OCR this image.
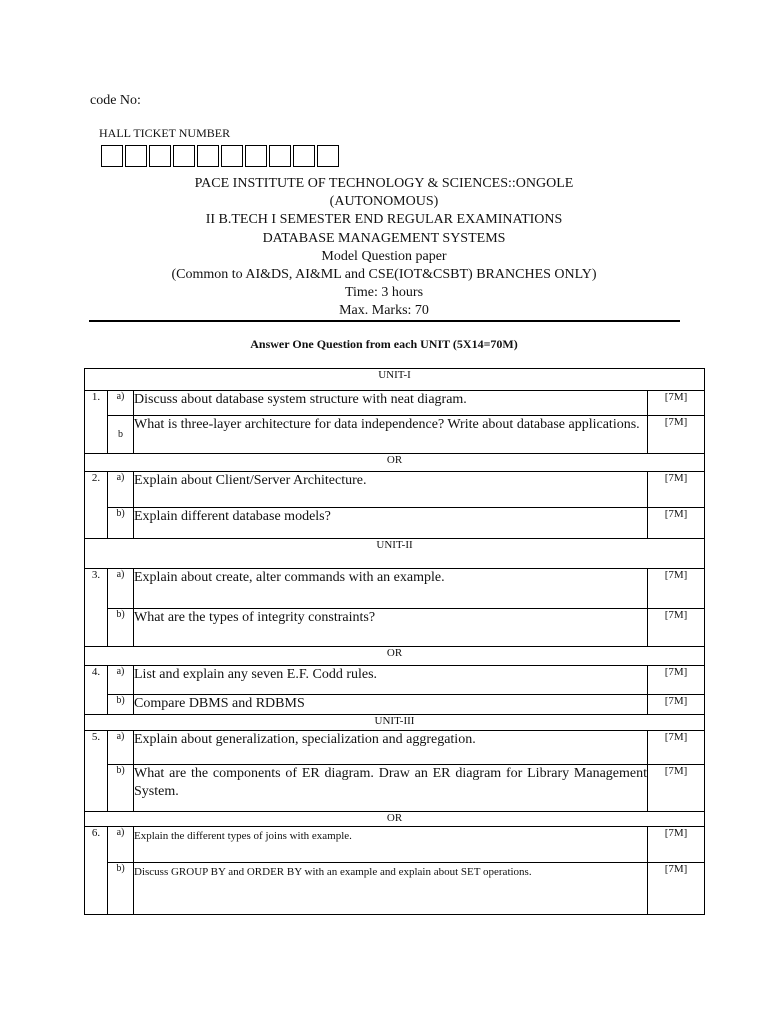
code No:
HALL TICKET NUMBER
PACE INSTITUTE OF TECHNOLOGY & SCIENCES::ONGOLE
(AUTONOMOUS)
II B.TECH I SEMESTER END REGULAR EXAMINATIONS
DATABASE MANAGEMENT SYSTEMS
Model Question paper
(Common to AI&DS, AI&ML and CSE(IOT&CSBT) BRANCHES ONLY)
Time: 3 hours
Max. Marks: 70
Answer One Question from each UNIT (5X14=70M)
UNIT-I			
1.	a)	Discuss about database system structure with neat diagram.	[7M]
	b	What is three-layer architecture for data independence? Write about database applications.	[7M]
OR			
2.	a)	Explain about Client/Server Architecture.	[7M]
	b)	Explain different database models?	[7M]
UNIT-II			
3.	a)	Explain about create, alter commands with an example.	[7M]
	b)	What are the types of integrity constraints?	[7M]
OR			
4.	a)	List and explain any seven E.F. Codd rules.	[7M]
	b)	Compare DBMS and RDBMS	[7M]
UNIT-III			
5.	a)	Explain about generalization, specialization and aggregation.	[7M]
	b)	What are the components of ER diagram. Draw an ER diagram for Library Management System.	[7M]
OR			
6.	a)	Explain the different types of joins with example.	[7M]
	b)	Discuss GROUP BY and ORDER BY with an example and explain about SET operations.	[7M]
